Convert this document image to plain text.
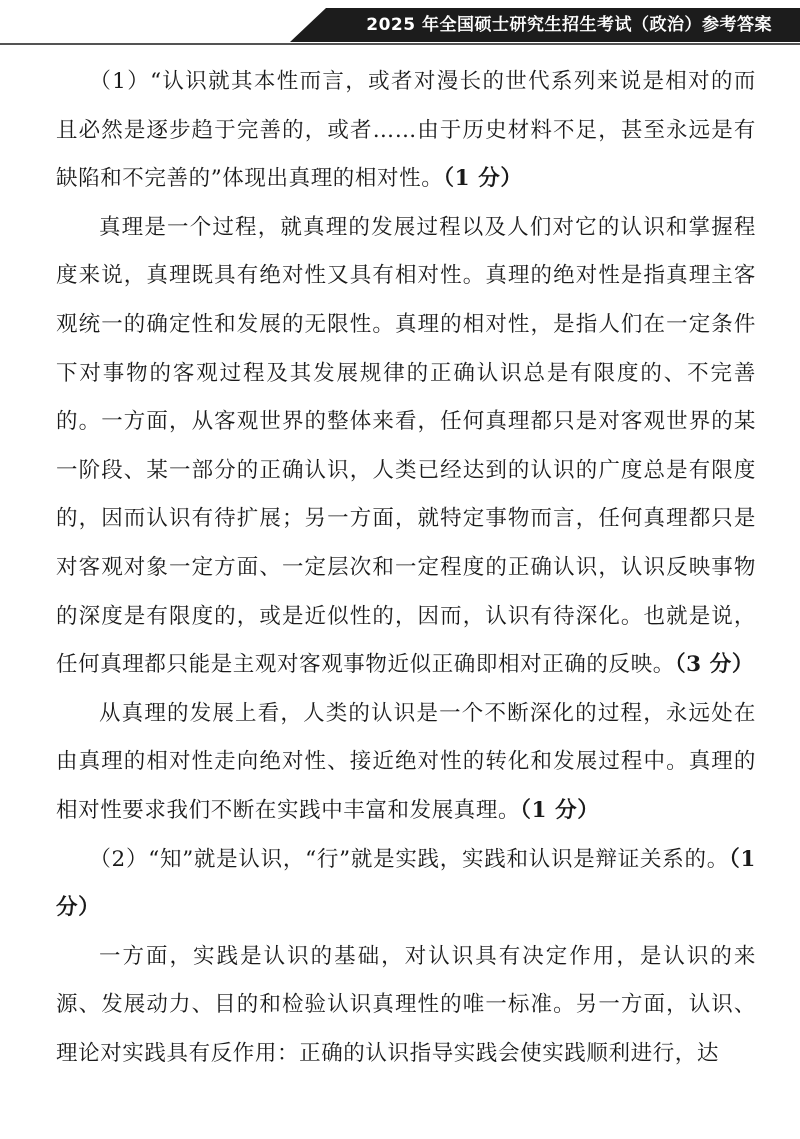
2025 年全国硕士研究生招生考试（政治）参考答案

（1）“认识就其本性而言，或者对漫长的世代系列来说是相对的而且必然是逐步趋于完善的，或者……由于历史材料不足，甚至永远是有缺陷和不完善的”体现出真理的相对性。（1 分）

真理是一个过程，就真理的发展过程以及人们对它的认识和掌握程度来说，真理既具有绝对性又具有相对性。真理的绝对性是指真理主客观统一的确定性和发展的无限性。真理的相对性，是指人们在一定条件下对事物的客观过程及其发展规律的正确认识总是有限度的、不完善的。一方面，从客观世界的整体来看，任何真理都只是对客观世界的某一阶段、某一部分的正确认识，人类已经达到的认识的广度总是有限度的，因而认识有待扩展；另一方面，就特定事物而言，任何真理都只是对客观对象一定方面、一定层次和一定程度的正确认识，认识反映事物的深度是有限度的，或是近似性的，因而，认识有待深化。也就是说，任何真理都只能是主观对客观事物近似正确即相对正确的反映。（3 分）

从真理的发展上看，人类的认识是一个不断深化的过程，永远处在由真理的相对性走向绝对性、接近绝对性的转化和发展过程中。真理的相对性要求我们不断在实践中丰富和发展真理。（1 分）

（2）“知”就是认识，“行”就是实践，实践和认识是辩证关系的。（1 分）

一方面，实践是认识的基础，对认识具有决定作用，是认识的来源、发展动力、目的和检验认识真理性的唯一标准。另一方面，认识、理论对实践具有反作用：正确的认识指导实践会使实践顺利进行，达
